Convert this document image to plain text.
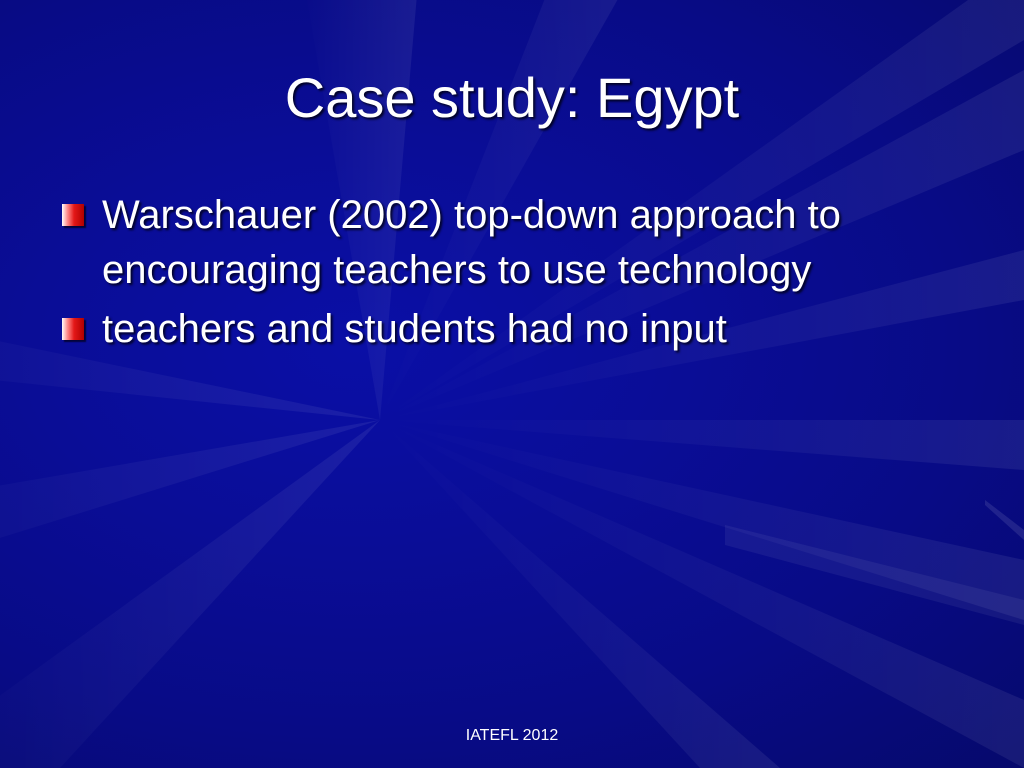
Case study: Egypt
Warschauer (2002) top-down approach to encouraging teachers to use technology
teachers and students had no input
IATEFL 2012
